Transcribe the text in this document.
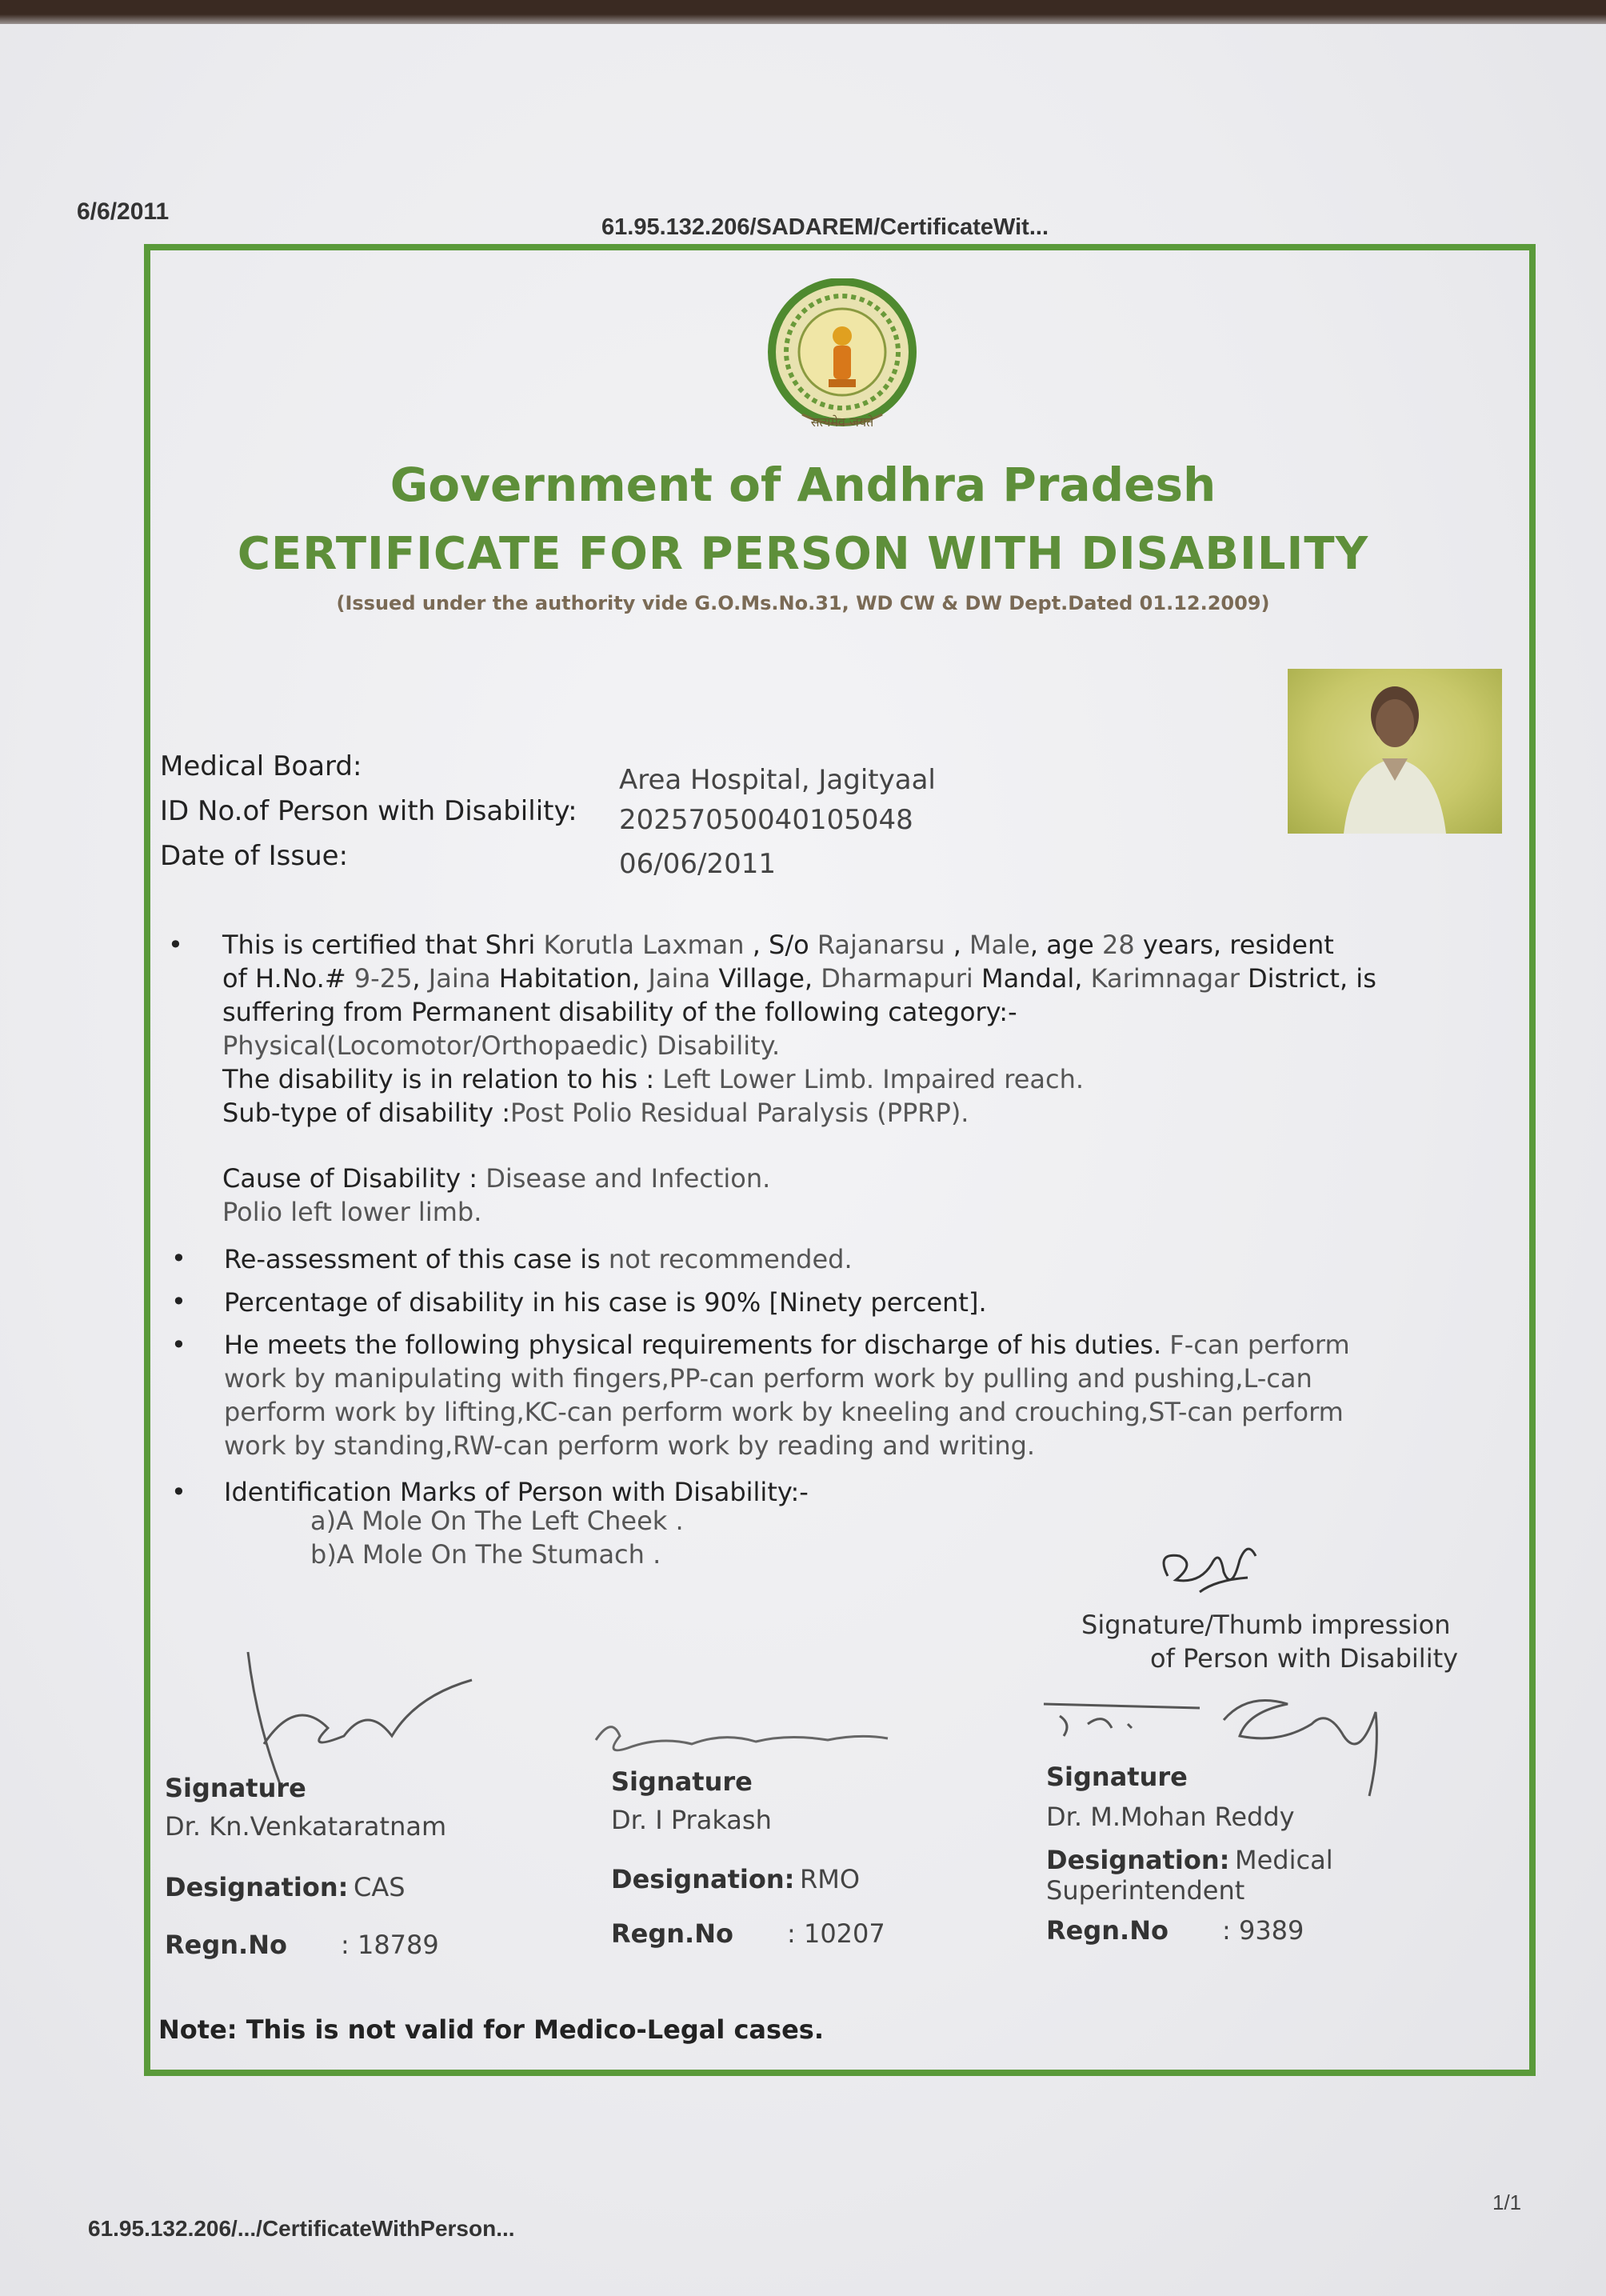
6/6/2011
61.95.132.206/SADAREM/CertificateWit...
सत्यमेव जयते
Government of Andhra Pradesh
CERTIFICATE FOR PERSON WITH DISABILITY
(Issued under the authority vide G.O.Ms.No.31, WD CW & DW Dept.Dated 01.12.2009)
Medical Board:	Area Hospital, Jagityaal
ID No.of Person with Disability: 20257050040105048
Date of Issue:	06/06/2011
• This is certified that Shri Korutla Laxman , S/o Rajanarsu , Male, age 28 years, resident
of H.No.# 9-25, Jaina Habitation, Jaina Village, Dharmapuri Mandal, Karimnagar District, is
suffering from Permanent disability of the following category:-
Physical(Locomotor/Orthopaedic) Disability.
The disability is in relation to his : Left Lower Limb. Impaired reach.
Sub-type of disability :Post Polio Residual Paralysis (PPRP).
Cause of Disability : Disease and Infection.
Polio left lower limb.
• Re-assessment of this case is not recommended.
• Percentage of disability in his case is 90% [Ninety percent].
• He meets the following physical requirements for discharge of his duties. F-can perform
work by manipulating with fingers,PP-can perform work by pulling and pushing,L-can
perform work by lifting,KC-can perform work by kneeling and crouching,ST-can perform
work by standing,RW-can perform work by reading and writing.
• Identification Marks of Person with Disability:-
a)A Mole On The Left Cheek .
b)A Mole On The Stumach .
Signature/Thumb impression
of Person with Disability
Signature
Dr. Kn.Venkataratnam
Designation: CAS
Regn.No : 18789
Signature
Dr. I Prakash
Designation: RMO
Regn.No : 10207
Signature
Dr. M.Mohan Reddy
Designation: Medical
Superintendent
Regn.No : 9389
Note: This is not valid for Medico-Legal cases.
61.95.132.206/.../CertificateWithPerson...
1/1
